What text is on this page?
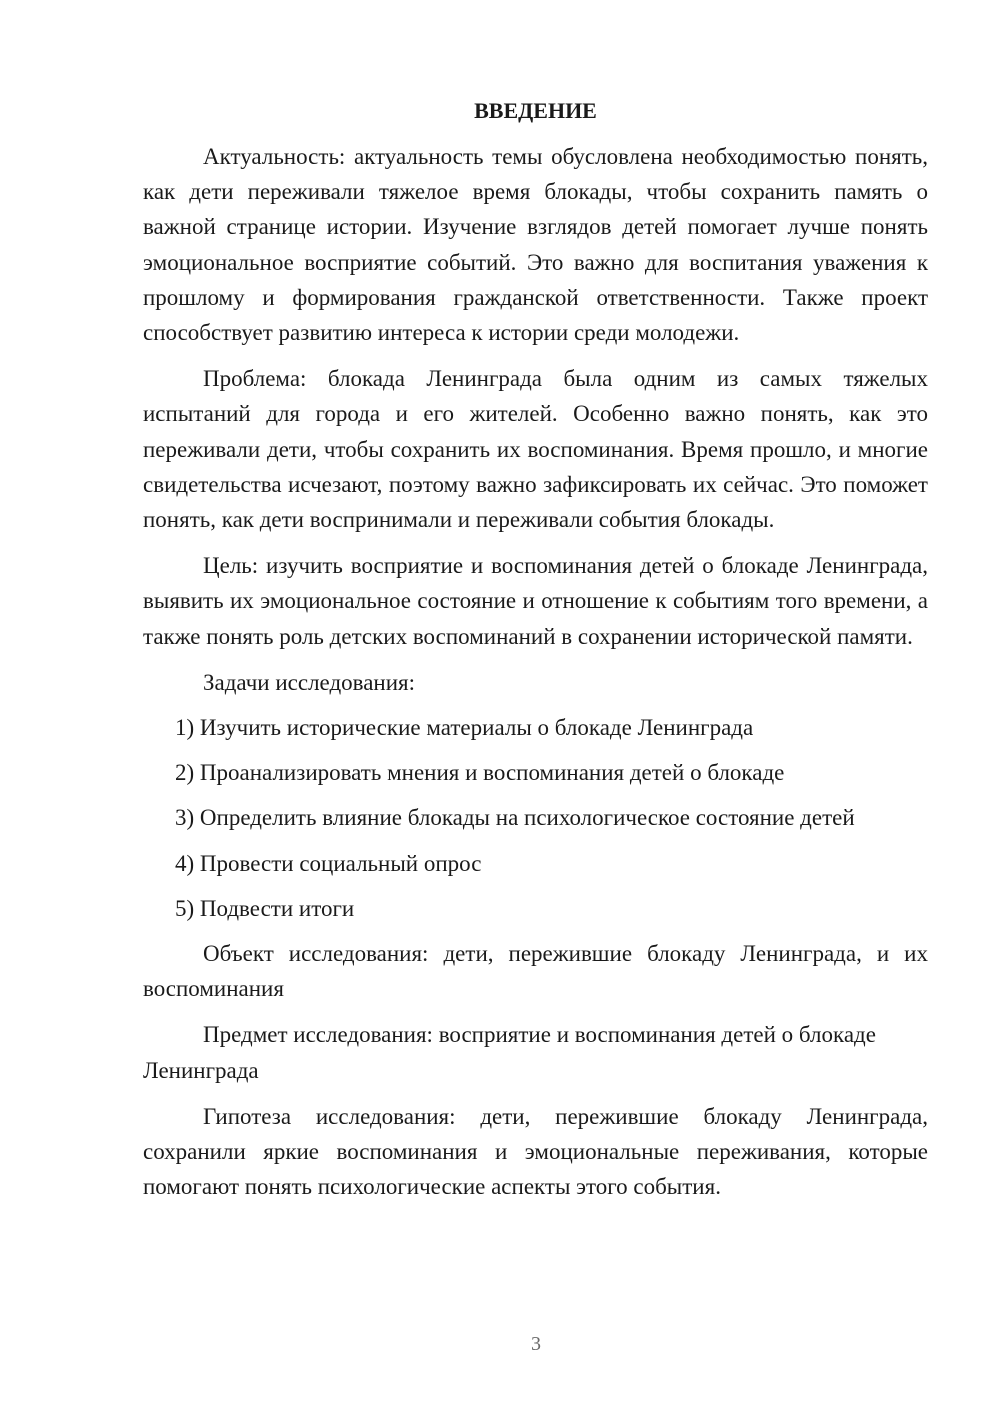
ВВЕДЕНИЕ

Актуальность: актуальность темы обусловлена необходимостью понять, как дети переживали тяжелое время блокады, чтобы сохранить память о важной странице истории. Изучение взглядов детей помогает лучше понять эмоциональное восприятие событий. Это важно для воспитания уважения к прошлому и формирования гражданской ответственности. Также проект способствует развитию интереса к истории среди молодежи.

Проблема: блокада Ленинграда была одним из самых тяжелых испытаний для города и его жителей. Особенно важно понять, как это переживали дети, чтобы сохранить их воспоминания. Время прошло, и многие свидетельства исчезают, поэтому важно зафиксировать их сейчас. Это поможет понять, как дети воспринимали и переживали события блокады.

Цель: изучить восприятие и воспоминания детей о блокаде Ленинграда, выявить их эмоциональное состояние и отношение к событиям того времени, а также понять роль детских воспоминаний в сохранении исторической памяти.

Задачи исследования:
1) Изучить исторические материалы о блокаде Ленинграда
2) Проанализировать мнения и воспоминания детей о блокаде
3) Определить влияние блокады на психологическое состояние детей
4) Провести социальный опрос
5) Подвести итоги

Объект исследования: дети, пережившие блокаду Ленинграда, и их воспоминания

Предмет исследования: восприятие и воспоминания детей о блокаде Ленинграда

Гипотеза исследования: дети, пережившие блокаду Ленинграда, сохранили яркие воспоминания и эмоциональные переживания, которые помогают понять психологические аспекты этого события.

3
